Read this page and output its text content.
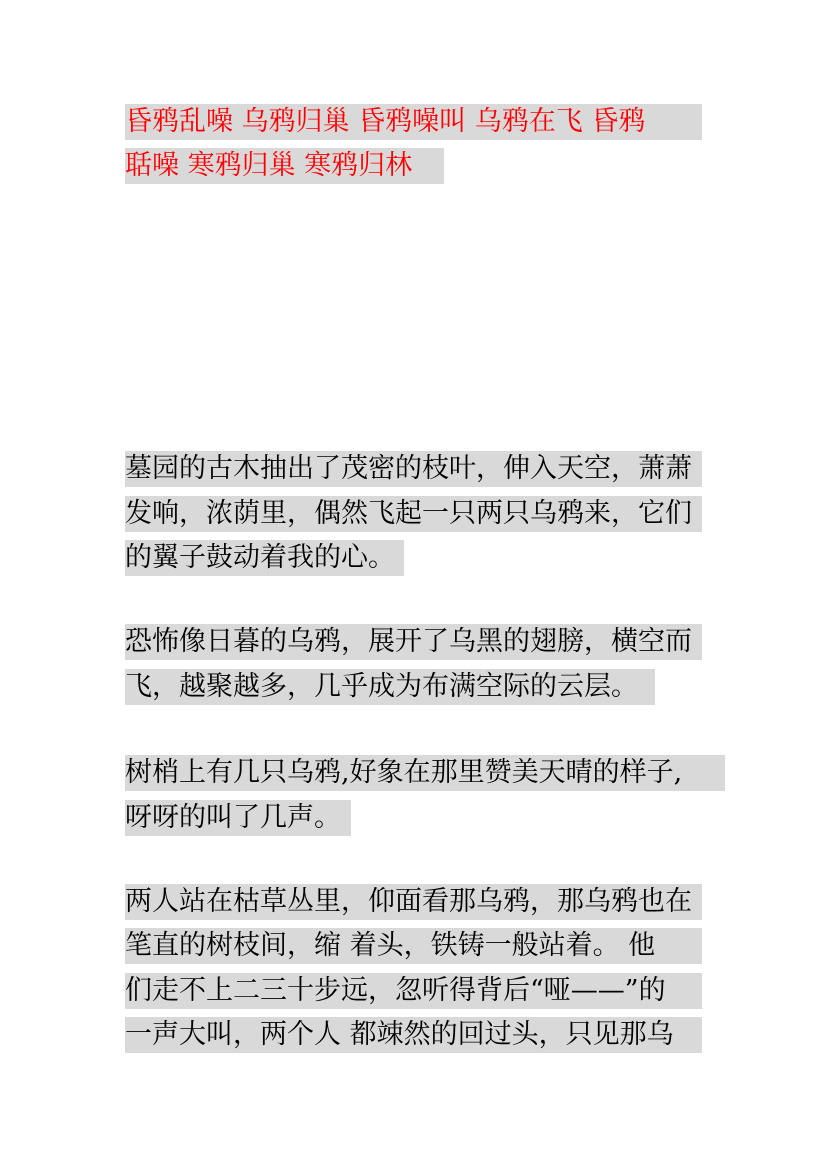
昏鸦乱噪 乌鸦归巢 昏鸦噪叫 乌鸦在飞 昏鸦
聒噪 寒鸦归巢 寒鸦归林
墓园的古木抽出了茂密的枝叶，伸入天空，萧萧
发响，浓荫里，偶然飞起一只两只乌鸦来，它们
的翼子鼓动着我的心。
恐怖像日暮的乌鸦，展开了乌黑的翅膀，横空而
飞，越聚越多，几乎成为布满空际的云层。
树梢上有几只乌鸦,好象在那里赞美天晴的样子,
呀呀的叫了几声。
两人站在枯草丛里，仰面看那乌鸦，那乌鸦也在
笔直的树枝间，缩 着头，铁铸一般站着。 他
们走不上二三十步远，忽听得背后“哑——”的
一声大叫，两个人 都竦然的回过头，只见那乌
